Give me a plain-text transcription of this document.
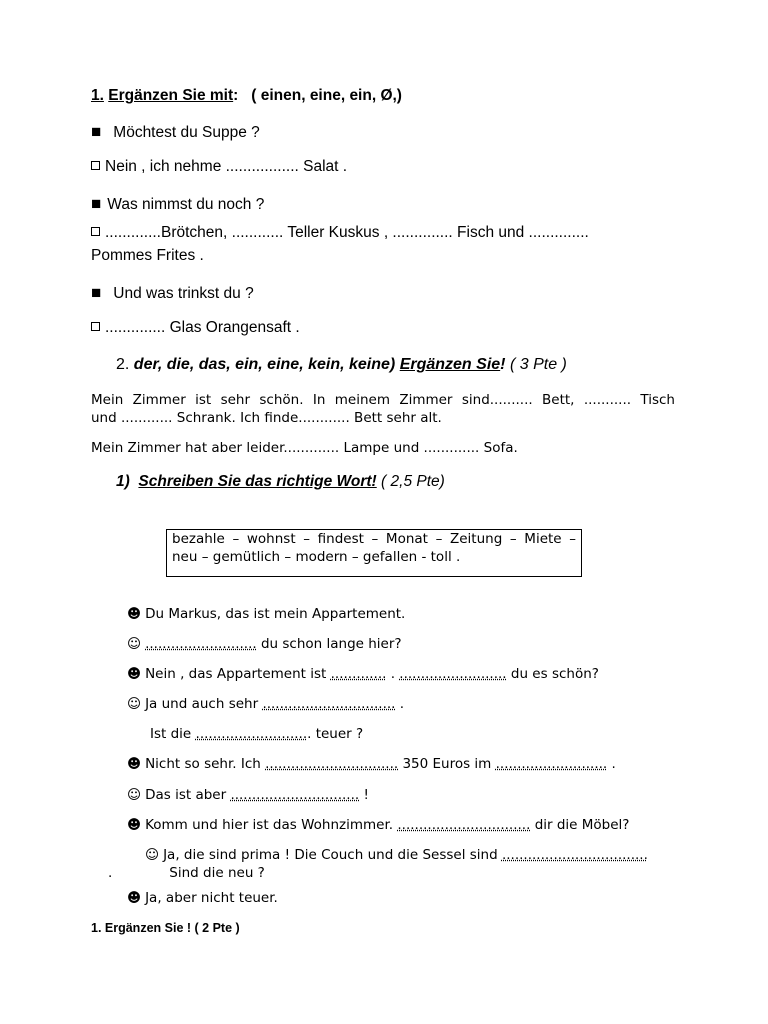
1. Ergänzen Sie mit: ( einen, eine, ein, Ø,)
■ Möchtest du Suppe ?
Nein , ich nehme ................. Salat .
■ Was nimmst du noch ?
.............Brötchen, ............ Teller Kuskus , .............. Fisch und ..............
Pommes Frites .
■ Und was trinkst du ?
.............. Glas Orangensaft .
2. der, die, das, ein, eine, kein, keine) Ergänzen Sie! ( 3 Pte )
Mein Zimmer ist sehr schön. In meinem Zimmer sind.......... Bett, ........... Tisch
und ............ Schrank. Ich finde............ Bett sehr alt.
Mein Zimmer hat aber leider............. Lampe und ............. Sofa.
1) Schreiben Sie das richtige Wort! ( 2,5 Pte)
bezahle – wohnst – findest – Monat – Zeitung – Miete –
neu – gemütlich – modern – gefallen - toll .
☻ Du Markus, das ist mein Appartement.
☺ .......................... du schon lange hier?
☻ Nein , das Appartement ist ............. . ......................... du es schön?
☺ Ja und auch sehr ............................... .
Ist die ........................... teuer ?
☻ Nicht so sehr. Ich ............................... 350 Euros im .......................... .
☺ Das ist aber .............................. !
☻ Komm und hier ist das Wohnzimmer. ............................... dir die Möbel?
☺ Ja, die sind prima ! Die Couch und die Sessel sind ..................................
.	Sind die neu ?
☻ Ja, aber nicht teuer.
1. Ergänzen Sie ! ( 2 Pte )
